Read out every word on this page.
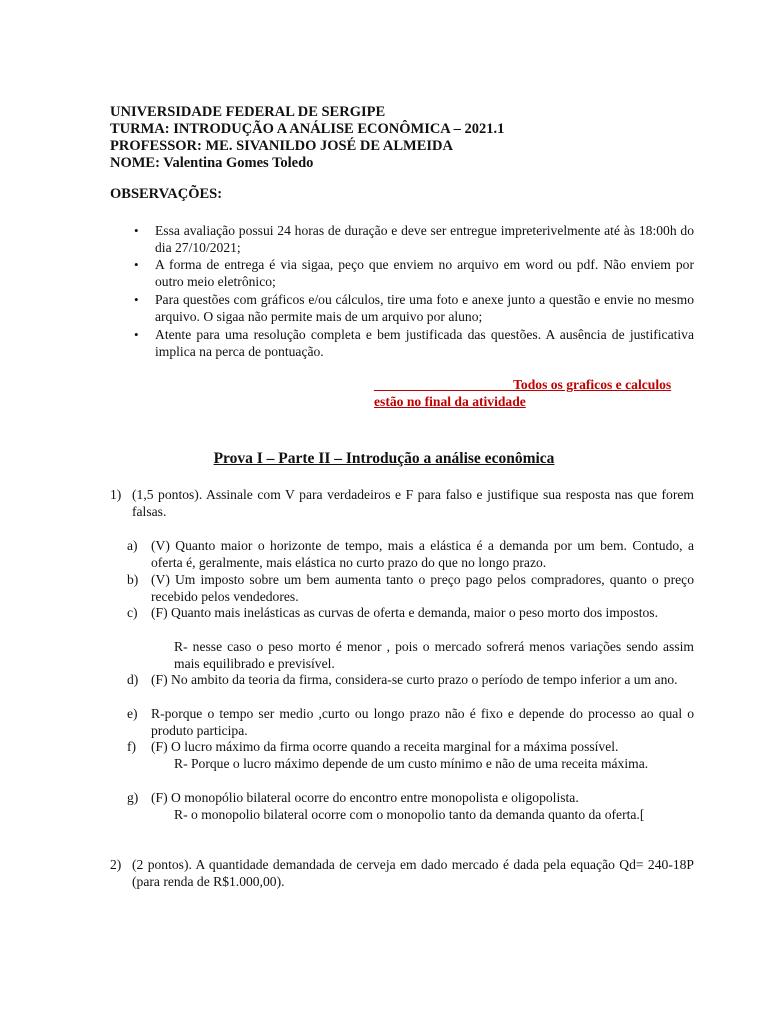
UNIVERSIDADE FEDERAL DE SERGIPE
TURMA: INTRODUÇÃO A ANÁLISE ECONÔMICA – 2021.1
PROFESSOR: ME. SIVANILDO JOSÉ DE ALMEIDA
NOME: Valentina Gomes Toledo
OBSERVAÇÕES:
• Essa avaliação possui 24 horas de duração e deve ser entregue impreterivelmente até às 18:00h do dia 27/10/2021;
• A forma de entrega é via sigaa, peço que enviem no arquivo em word ou pdf. Não enviem por outro meio eletrônico;
• Para questões com gráficos e/ou cálculos, tire uma foto e anexe junto a questão e envie no mesmo arquivo. O sigaa não permite mais de um arquivo por aluno;
• Atente para uma resolução completa e bem justificada das questões. A ausência de justificativa implica na perca de pontuação.
____________________ Todos os graficos e calculos estão no final da atividade
Prova I – Parte II – Introdução a análise econômica
1) (1,5 pontos). Assinale com V para verdadeiros e F para falso e justifique sua resposta nas que forem falsas.
a) (V) Quanto maior o horizonte de tempo, mais a elástica é a demanda por um bem. Contudo, a oferta é, geralmente, mais elástica no curto prazo do que no longo prazo.
b) (V) Um imposto sobre um bem aumenta tanto o preço pago pelos compradores, quanto o preço recebido pelos vendedores.
c) (F) Quanto mais inelásticas as curvas de oferta e demanda, maior o peso morto dos impostos.
R- nesse caso o peso morto é menor , pois o mercado sofrerá menos variações sendo assim mais equilibrado e previsível.
d) (F) No ambito da teoria da firma, considera-se curto prazo o período de tempo inferior a um ano.
e) R-porque o tempo ser medio ,curto ou longo prazo não é fixo e depende do processo ao qual o produto participa.
f) (F) O lucro máximo da firma ocorre quando a receita marginal for a máxima possível.
R- Porque o lucro máximo depende de um custo mínimo e não de uma receita máxima.
g) (F) O monopólio bilateral ocorre do encontro entre monopolista e oligopolista.
R- o monopolio bilateral ocorre com o monopolio tanto da demanda quanto da oferta.[
2) (2 pontos). A quantidade demandada de cerveja em dado mercado é dada pela equação Qd= 240-18P (para renda de R$1.000,00).
